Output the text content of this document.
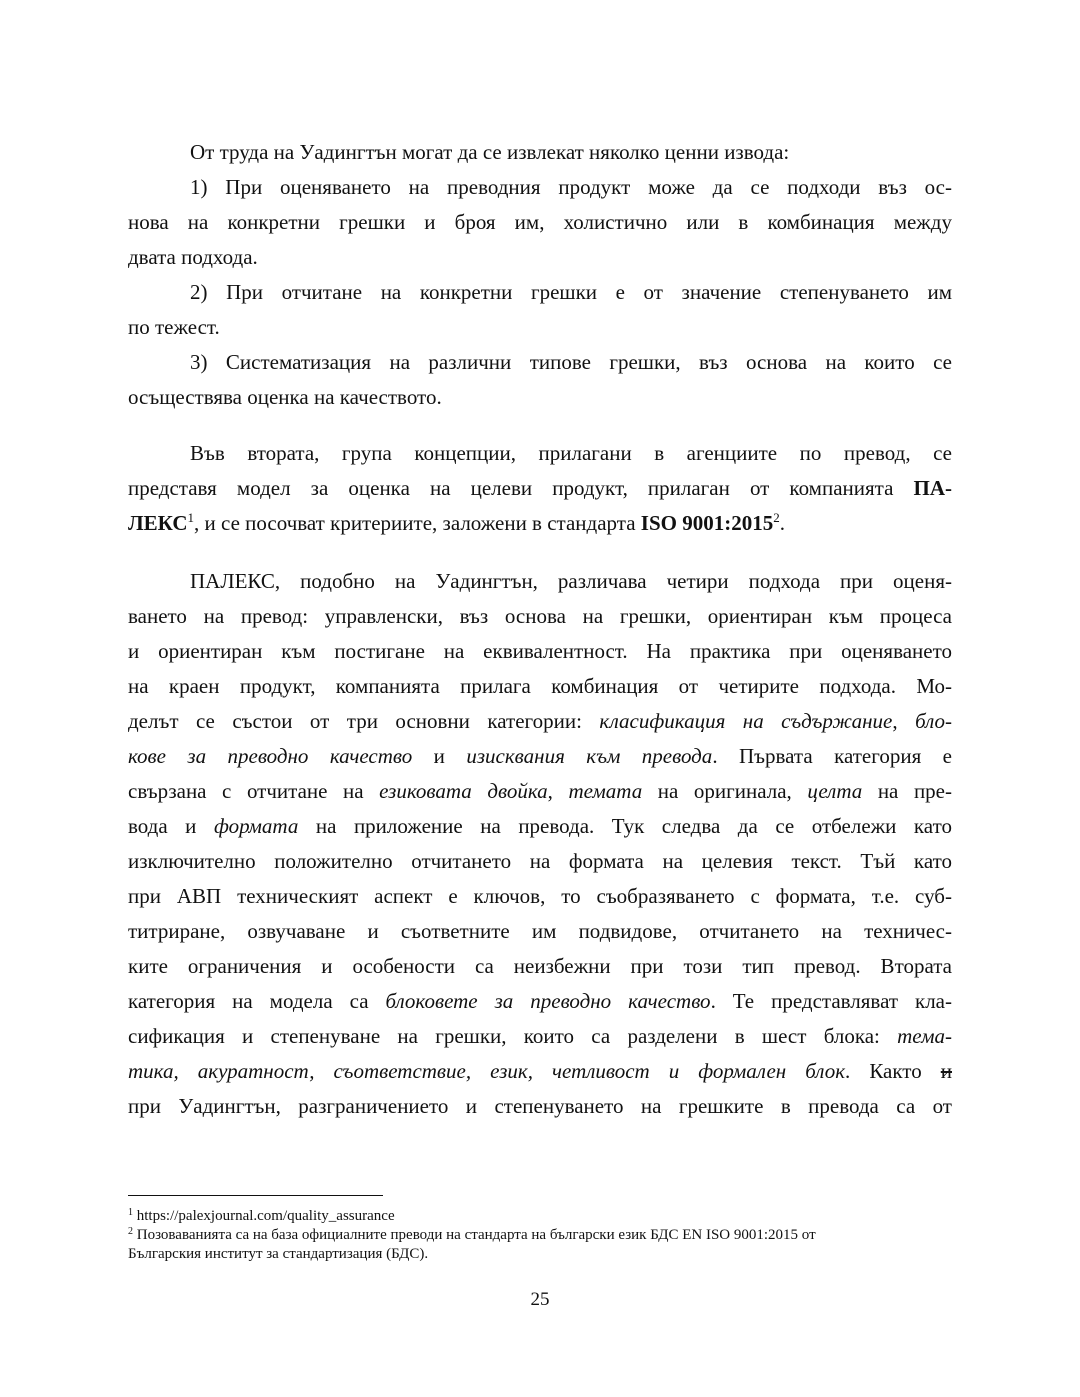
От труда на Уадингтън могат да се извлекат няколко ценни извода:
1) При оценяването на преводния продукт може да се подходи въз ос-
нова на конкретни грешки и броя им, холистично или в комбинация между
двата подхода.
2) При отчитане на конкретни грешки е от значение степенуването им
по тежест.
3) Систематизация на различни типове грешки, въз основа на които се
осъществява оценка на качеството.
Във втората, група концепции, прилагани в агенциите по превод, се
представя модел за оценка на целеви продукт, прилаган от компанията ПА-
ЛЕКС$^1$, и се посочват критериите, заложени в стандарта ISO 9001:2015$^2$.
ПАЛЕКС, подобно на Уадингтън, различава четири подхода при оценя-
ването на превод: управленски, въз основа на грешки, ориентиран към процеса
и ориентиран към постигане на еквивалентност. На практика при оценяването
на краен продукт, компанията прилага комбинация от четирите подхода. Мо-
делът се състои от три основни категории: класификация на съдържание, бло-
кове за преводно качество и изисквания към превода. Първата категория е
свързана с отчитане на езиковата двойка, темата на оригинала, целта на пре-
вода и формата на приложение на превода. Тук следва да се отбележи като
изключително положително отчитането на формата на целевия текст. Тъй като
при АВП техническият аспект е ключов, то съобразяването с формата, т.е. суб-
титриране, озвучаване и съответните им подвидове, отчитането на техничес-
ките ограничения и особености са неизбежни при този тип превод. Втората
категория на модела са блоковете за преводно качество. Те представляват кла-
сификация и степенуване на грешки, които са разделени в шест блока: тема-
тика, акуратност, съответствие, език, четливост и формален блок. Както и
при Уадингтън, разграничението и степенуването на грешките в превода са от
$^1$ https://palexjournal.com/quality_assurance
$^2$ Позоваванията са на база официалните преводи на стандарта на български език БДС EN ISO 9001:2015 от
Българския институт за стандартизация (БДС).
25
